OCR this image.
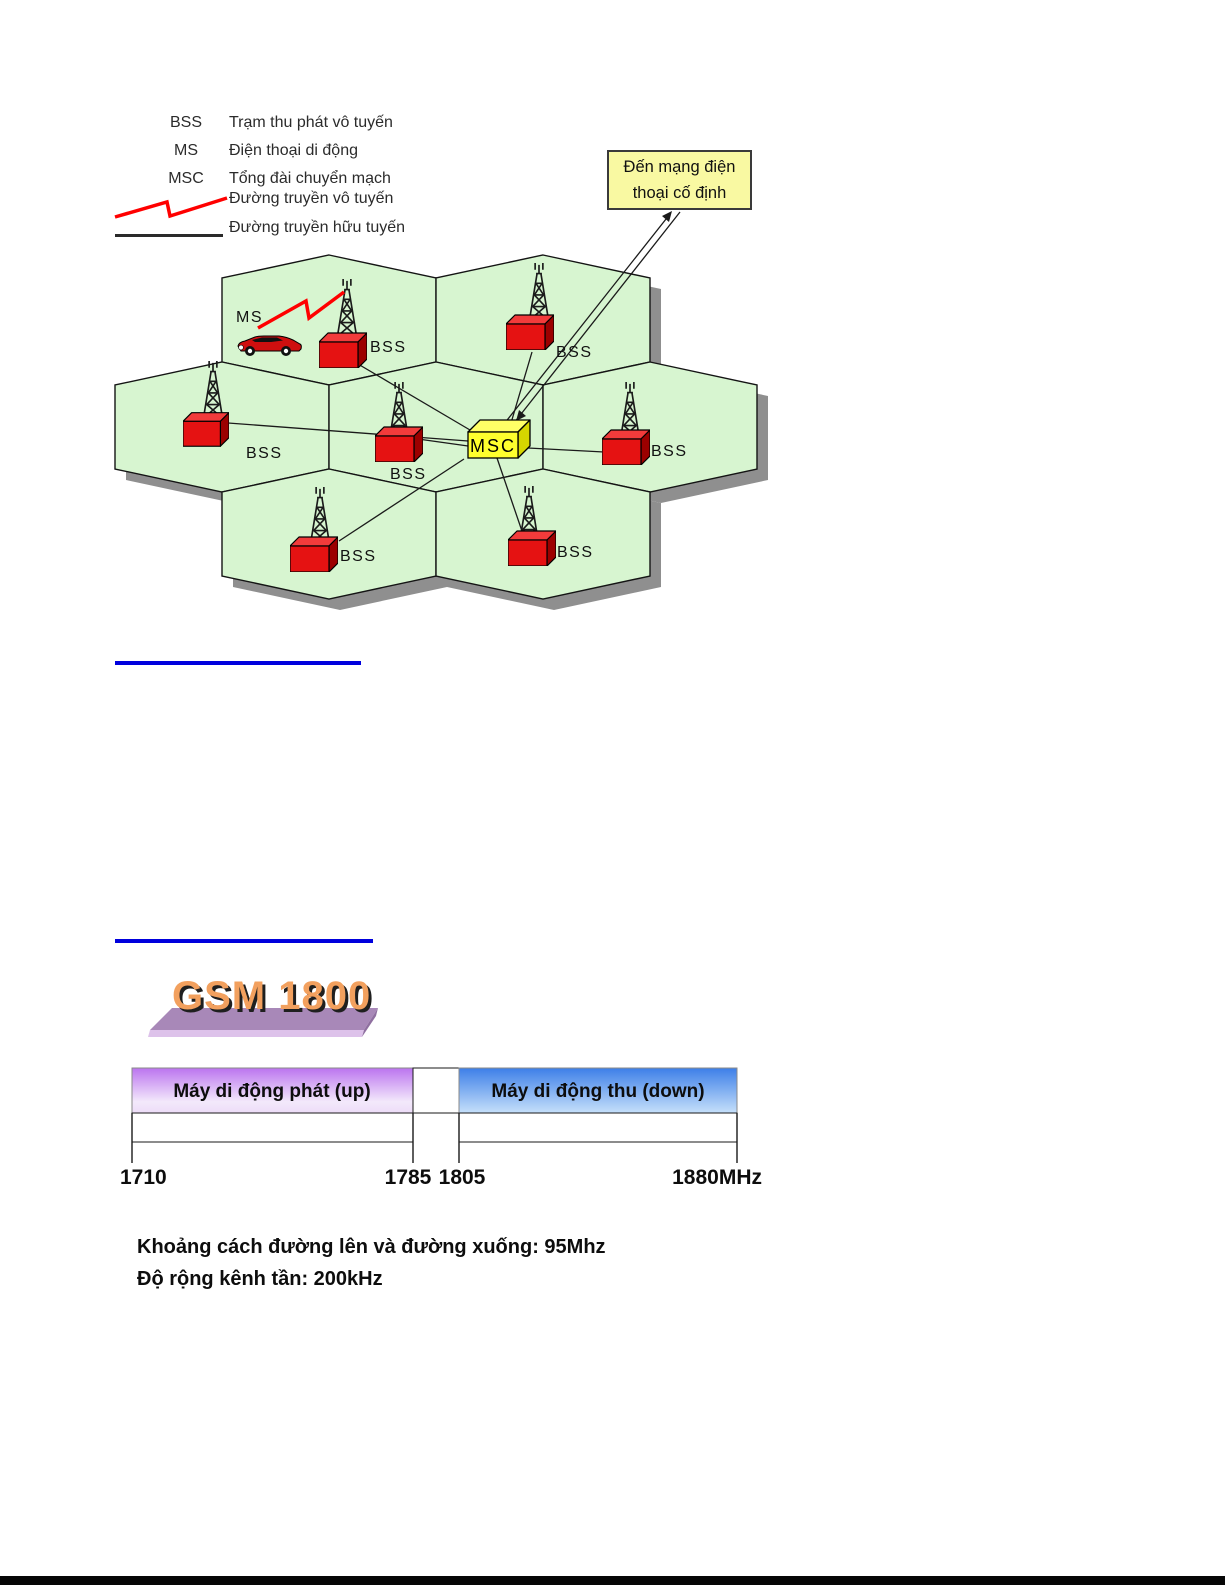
BSS	Trạm thu phát vô tuyến
MS	Điện thoại di động
MSC	Tổng đài chuyển mạch
Đường truyền vô tuyến
Đường truyền hữu tuyến
MSC
MS
BSS	BSS
BSS
BSS
BSS
BSS	BSS
Đến mạng điện
thoại cố định
GSM 1800
Máy di động phát (up)	Máy di động thu (down)
1710	1785 1805	1880MHz
Khoảng cách đường lên và đường xuống: 95Mhz
Độ rộng kênh tần: 200kHz
